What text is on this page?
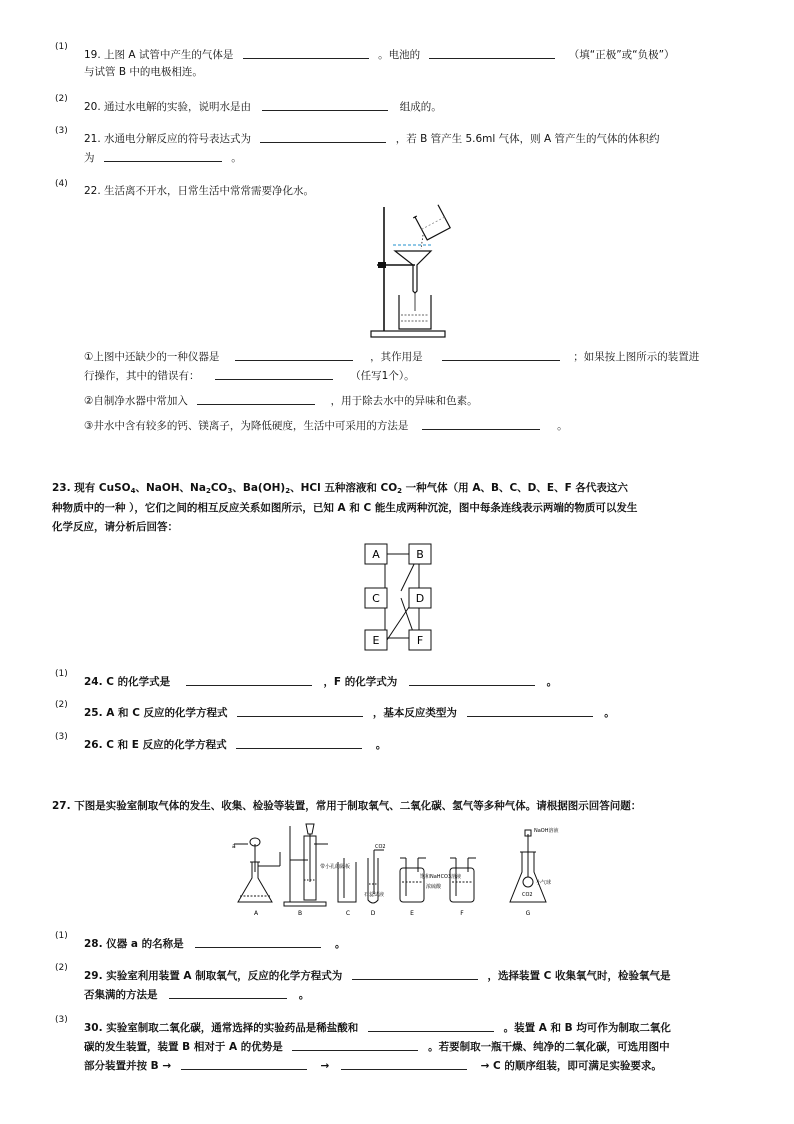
(1)
19. 上图 A 试管中产生的气体是	。电池的	（填“正极”或“负极”）
与试管 B 中的电极相连。
(2)
20. 通过水电解的实验，说明水是由	组成的。
(3)
21. 水通电分解反应的符号表达式为	，若 B 管产生 5.6ml 气体，则 A 管产生的气体的体积约
为	。
(4)
22. 生活离不开水，日常生活中常常需要净化水。
①上图中还缺少的一种仪器是	，其作用是	；如果按上图所示的装置进
行操作，其中的错误有：	（任写1个）。
②自制净水器中常加入	，用于除去水中的异味和色素。
③井水中含有较多的钙、镁离子，为降低硬度，生活中可采用的方法是	。
23. 现有 CuSO$_4$、NaOH、$Na_2CO_3$、$Ba(OH)_2$、HCl 五种溶液和 $CO_2$ 一种气体（用 A、B、C、D、E、F 各代表这六
种物质中的一种 ），它们之间的相互反应关系如图所示，已知 A 和 C 能生成两种沉淀，图中每条连线表示两端的物质可以发生
化学反应，请分析后回答：
A	B
C	D
E	F
(1)
24. C 的化学式是	，F 的化学式为	。
(2)
25. A 和 C 反应的化学方程式	，基本反应类型为	。
(3)
26. C 和 E 反应的化学方程式	。
27. 下图是实验室制取气体的发生、收集、检验等装置，常用于制取氧气、二氧化碳、氢气等多种气体。请根据图示回答问题：
A	B	C	D	E	F	G
a
带小孔的隔板
CO2
石蕊试液
浓硫酸
饱和NaHCO3溶液
NaOH溶液
小气球
CO2
(1)
28. 仪器 a 的名称是	。
(2)
29. 实验室利用装置 A 制取氧气，反应的化学方程式为	，选择装置 C 收集氧气时，检验氧气是
否集满的方法是	。
(3)
30. 实验室制取二氧化碳，通常选择的实验药品是稀盐酸和	。装置 A 和 B 均可作为制取二氧化
碳的发生装置，装置 B 相对于 A 的优势是	。若要制取一瓶干燥、纯净的二氧化碳，可选用图中
部分装置并按 B →	→	→ C 的顺序组装，即可满足实验要求。
